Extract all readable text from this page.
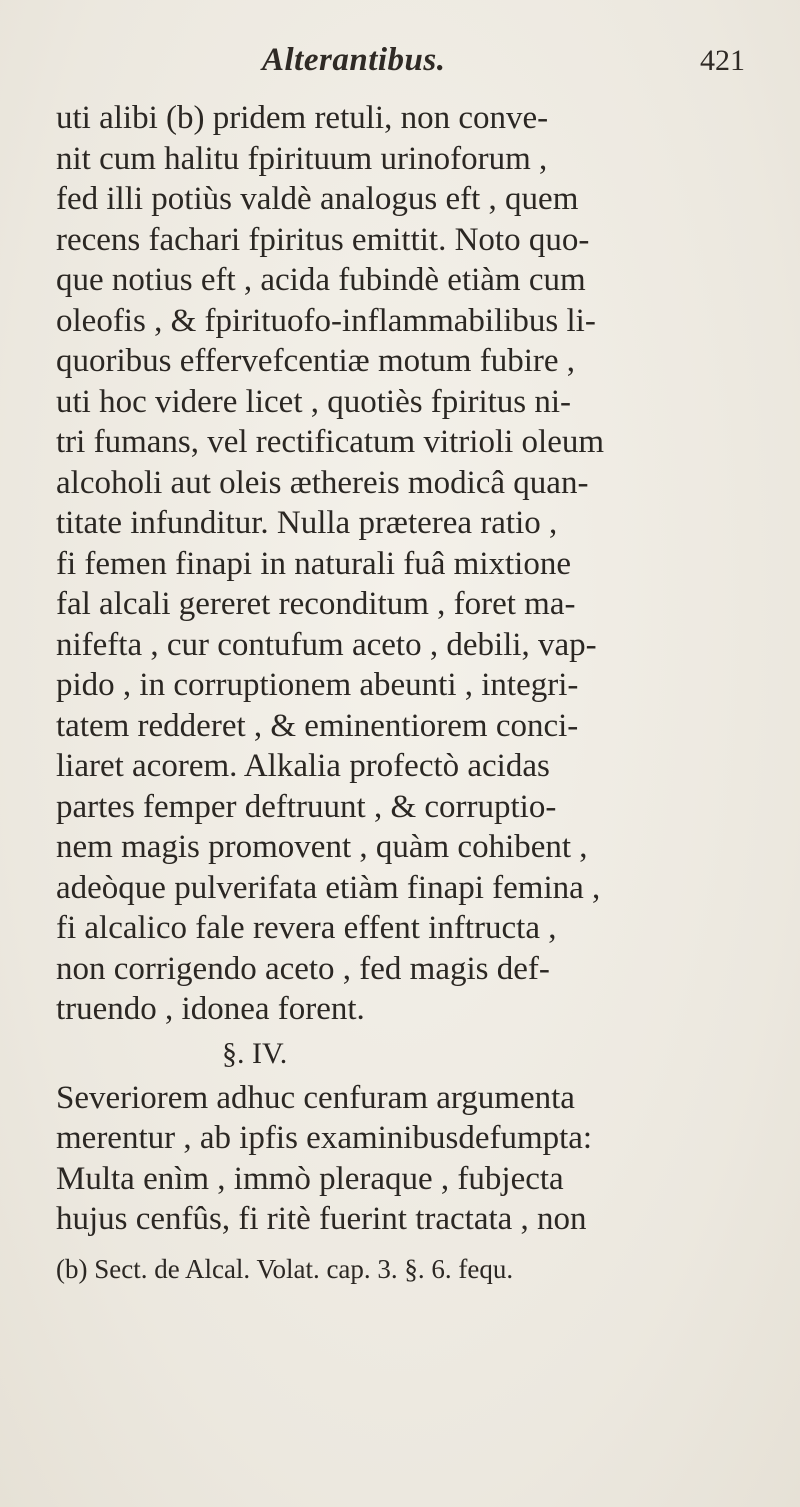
Alterantibus.	421
uti alibi (b) pridem retuli, non conve-
nit cum halitu fpirituum urinoforum ,
fed illi potiùs valdè analogus eft , quem
recens fachari fpiritus emittit. Noto quo-
que notius eft , acida fubindè etiàm cum
oleofis , & fpirituofo-inflammabilibus li-
quoribus effervefcentiæ motum fubire ,
uti hoc videre licet , quotiès fpiritus ni-
tri fumans, vel rectificatum vitrioli oleum
alcoholi aut oleis æthereis modicâ quan-
titate infunditur. Nulla præterea ratio ,
fi femen finapi in naturali fuâ mixtione
fal alcali gereret reconditum , foret ma-
nifefta , cur contufum aceto , debili, vap-
pido , in corruptionem abeunti , integri-
tatem redderet , & eminentiorem conci-
liaret acorem. Alkalia profectò acidas
partes femper deftruunt , & corruptio-
nem magis promovent , quàm cohibent ,
adeòque pulverifata etiàm finapi femina ,
fi alcalico fale revera effent inftructa ,
non corrigendo aceto , fed magis def-
truendo , idonea forent.
§. IV.
Severiorem adhuc cenfuram argumenta
merentur , ab ipfis examinibusdefumpta:
Multa enìm , immò pleraque , fubjecta
hujus cenfûs, fi ritè fuerint tractata , non
(b) Sect. de Alcal. Volat. cap. 3. §. 6. fequ.
